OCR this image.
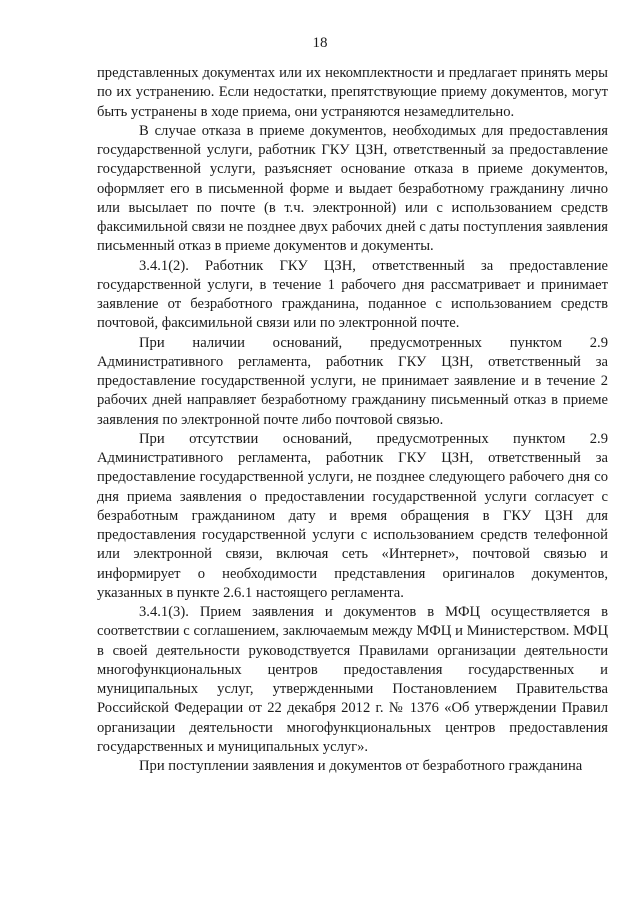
18

представленных документах или их некомплектности и предлагает принять меры по их устранению. Если недостатки, препятствующие приему документов, могут быть устранены в ходе приема, они устраняются незамедлительно.

В случае отказа в приеме документов, необходимых для предоставления государственной услуги, работник ГКУ ЦЗН, ответственный за предоставление государственной услуги, разъясняет основание отказа в приеме документов, оформляет его в письменной форме и выдает безработному гражданину лично или высылает по почте (в т.ч. электронной) или с использованием средств факсимильной связи не позднее двух рабочих дней с даты поступления заявления письменный отказ в приеме документов и документы.

3.4.1(2). Работник ГКУ ЦЗН, ответственный за предоставление государственной услуги, в течение 1 рабочего дня рассматривает и принимает заявление от безработного гражданина, поданное с использованием средств почтовой, факсимильной связи или по электронной почте.

При наличии оснований, предусмотренных пунктом 2.9 Административного регламента, работник ГКУ ЦЗН, ответственный за предоставление государственной услуги, не принимает заявление и в течение 2 рабочих дней направляет безработному гражданину письменный отказ в приеме заявления по электронной почте либо почтовой связью.

При отсутствии оснований, предусмотренных пунктом 2.9 Административного регламента, работник ГКУ ЦЗН, ответственный за предоставление государственной услуги, не позднее следующего рабочего дня со дня приема заявления о предоставлении государственной услуги согласует с безработным гражданином дату и время обращения в ГКУ ЦЗН для предоставления государственной услуги с использованием средств телефонной или электронной связи, включая сеть «Интернет», почтовой связью и информирует о необходимости представления оригиналов документов, указанных в пункте 2.6.1 настоящего регламента.

3.4.1(3). Прием заявления и документов в МФЦ осуществляется в соответствии с соглашением, заключаемым между МФЦ и Министерством. МФЦ в своей деятельности руководствуется Правилами организации деятельности многофункциональных центров предоставления государственных и муниципальных услуг, утвержденными Постановлением Правительства Российской Федерации от 22 декабря 2012 г. № 1376 «Об утверждении Правил организации деятельности многофункциональных центров предоставления государственных и муниципальных услуг».

При поступлении заявления и документов от безработного гражданина
